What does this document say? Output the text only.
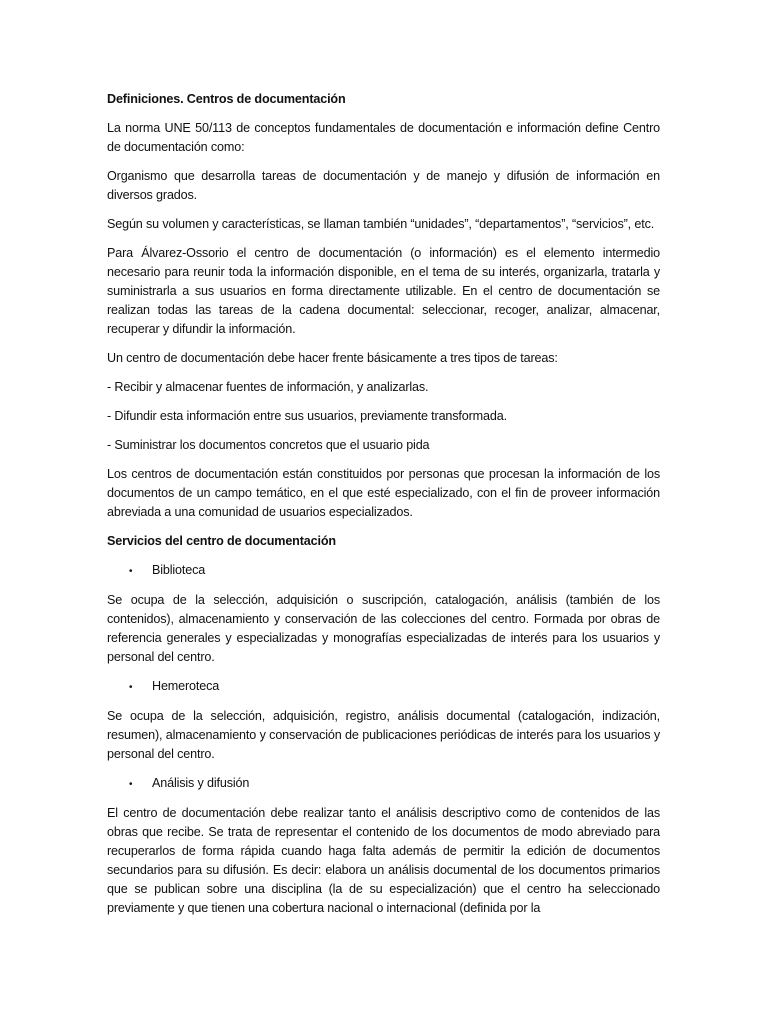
Definiciones. Centros de documentación

La norma UNE 50/113 de conceptos fundamentales de documentación e información define Centro de documentación como:

Organismo que desarrolla tareas de documentación y de manejo y difusión de información en diversos grados.

Según su volumen y características, se llaman también “unidades”, “departamentos”, “servicios”, etc.

Para Álvarez-Ossorio el centro de documentación (o información) es el elemento intermedio necesario para reunir toda la información disponible, en el tema de su interés, organizarla, tratarla y suministrarla a sus usuarios en forma directamente utilizable. En el centro de documentación se realizan todas las tareas de la cadena documental: seleccionar, recoger, analizar, almacenar, recuperar y difundir la información.

Un centro de documentación debe hacer frente básicamente a tres tipos de tareas:

- Recibir y almacenar fuentes de información, y analizarlas.

- Difundir esta información entre sus usuarios, previamente transformada.

- Suministrar los documentos concretos que el usuario pida

Los centros de documentación están constituidos por personas que procesan la información de los documentos de un campo temático, en el que esté especializado, con el fin de proveer información abreviada a una comunidad de usuarios especializados.

Servicios del centro de documentación

•	Biblioteca

Se ocupa de la selección, adquisición o suscripción, catalogación, análisis (también de los contenidos), almacenamiento y conservación de las colecciones del centro. Formada por obras de referencia generales y especializadas y monografías especializadas de interés para los usuarios y personal del centro.

•	Hemeroteca

Se ocupa de la selección, adquisición, registro, análisis documental (catalogación, indización, resumen), almacenamiento y conservación de publicaciones periódicas de interés para los usuarios y personal del centro.

•	Análisis y difusión

El centro de documentación debe realizar tanto el análisis descriptivo como de contenidos de las obras que recibe. Se trata de representar el contenido de los documentos de modo abreviado para recuperarlos de forma rápida cuando haga falta además de permitir la edición de documentos secundarios para su difusión. Es decir: elabora un análisis documental de los documentos primarios que se publican sobre una disciplina (la de su especialización) que el centro ha seleccionado previamente y que tienen una cobertura nacional o internacional (definida por la
